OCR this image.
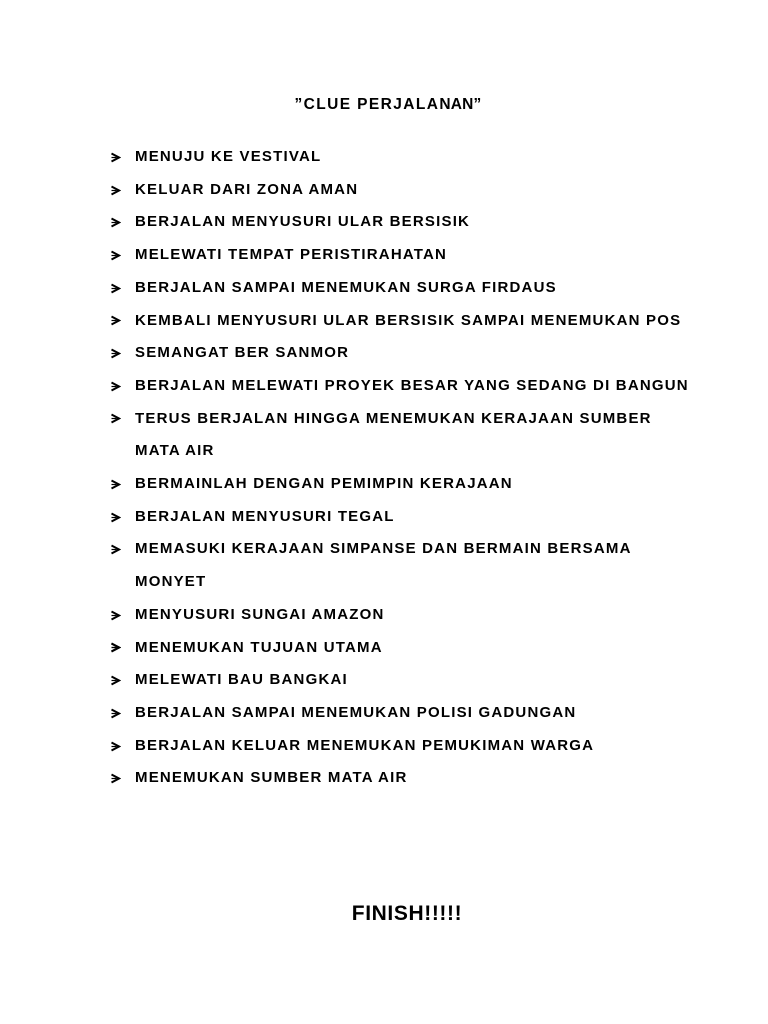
”CLUE PERJALANAN”
MENUJU KE VESTIVAL
KELUAR DARI ZONA AMAN
BERJALAN MENYUSURI ULAR BERSISIK
MELEWATI TEMPAT PERISTIRAHATAN
BERJALAN SAMPAI MENEMUKAN SURGA FIRDAUS
KEMBALI MENYUSURI ULAR BERSISIK SAMPAI MENEMUKAN POS
SEMANGAT BER SANMOR
BERJALAN MELEWATI PROYEK BESAR YANG SEDANG DI BANGUN
TERUS BERJALAN HINGGA MENEMUKAN KERAJAAN SUMBER MATA AIR
BERMAINLAH DENGAN PEMIMPIN KERAJAAN
BERJALAN MENYUSURI TEGAL
MEMASUKI KERAJAAN SIMPANSE DAN BERMAIN BERSAMA MONYET
MENYUSURI SUNGAI AMAZON
MENEMUKAN TUJUAN UTAMA
MELEWATI BAU BANGKAI
BERJALAN SAMPAI MENEMUKAN POLISI GADUNGAN
BERJALAN KELUAR MENEMUKAN PEMUKIMAN WARGA
MENEMUKAN SUMBER MATA AIR
FINISH!!!!!
